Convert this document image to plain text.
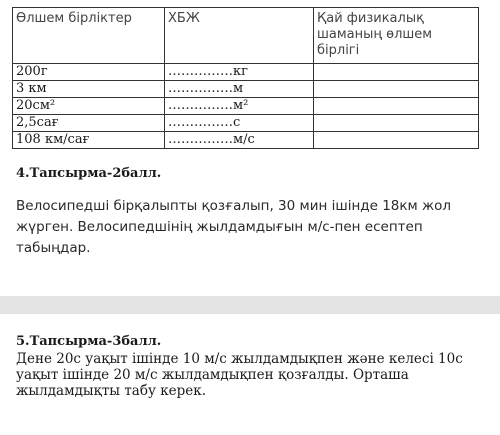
Өлшем бірліктер	ХБЖ	Қай физикалық шаманың өлшем бірлігі
200г	……………кг	
3 км	……………м	
20см²	……………м²	
2,5сағ	……………с	
108 км/сағ	……………м/с	
4.Тапсырма-2балл.
Велосипедші бірқалыпты қозғалып, 30 мин ішінде 18км жол жүрген. Велосипедшінің жылдамдығын м/с-пен есептеп табыңдар.
5.Тапсырма-3балл.
Дене 20с уақыт ішінде 10 м/с жылдамдықпен және келесі 10с уақыт ішінде 20 м/с жылдамдықпен қозғалды. Орташа жылдамдықты табу керек.
